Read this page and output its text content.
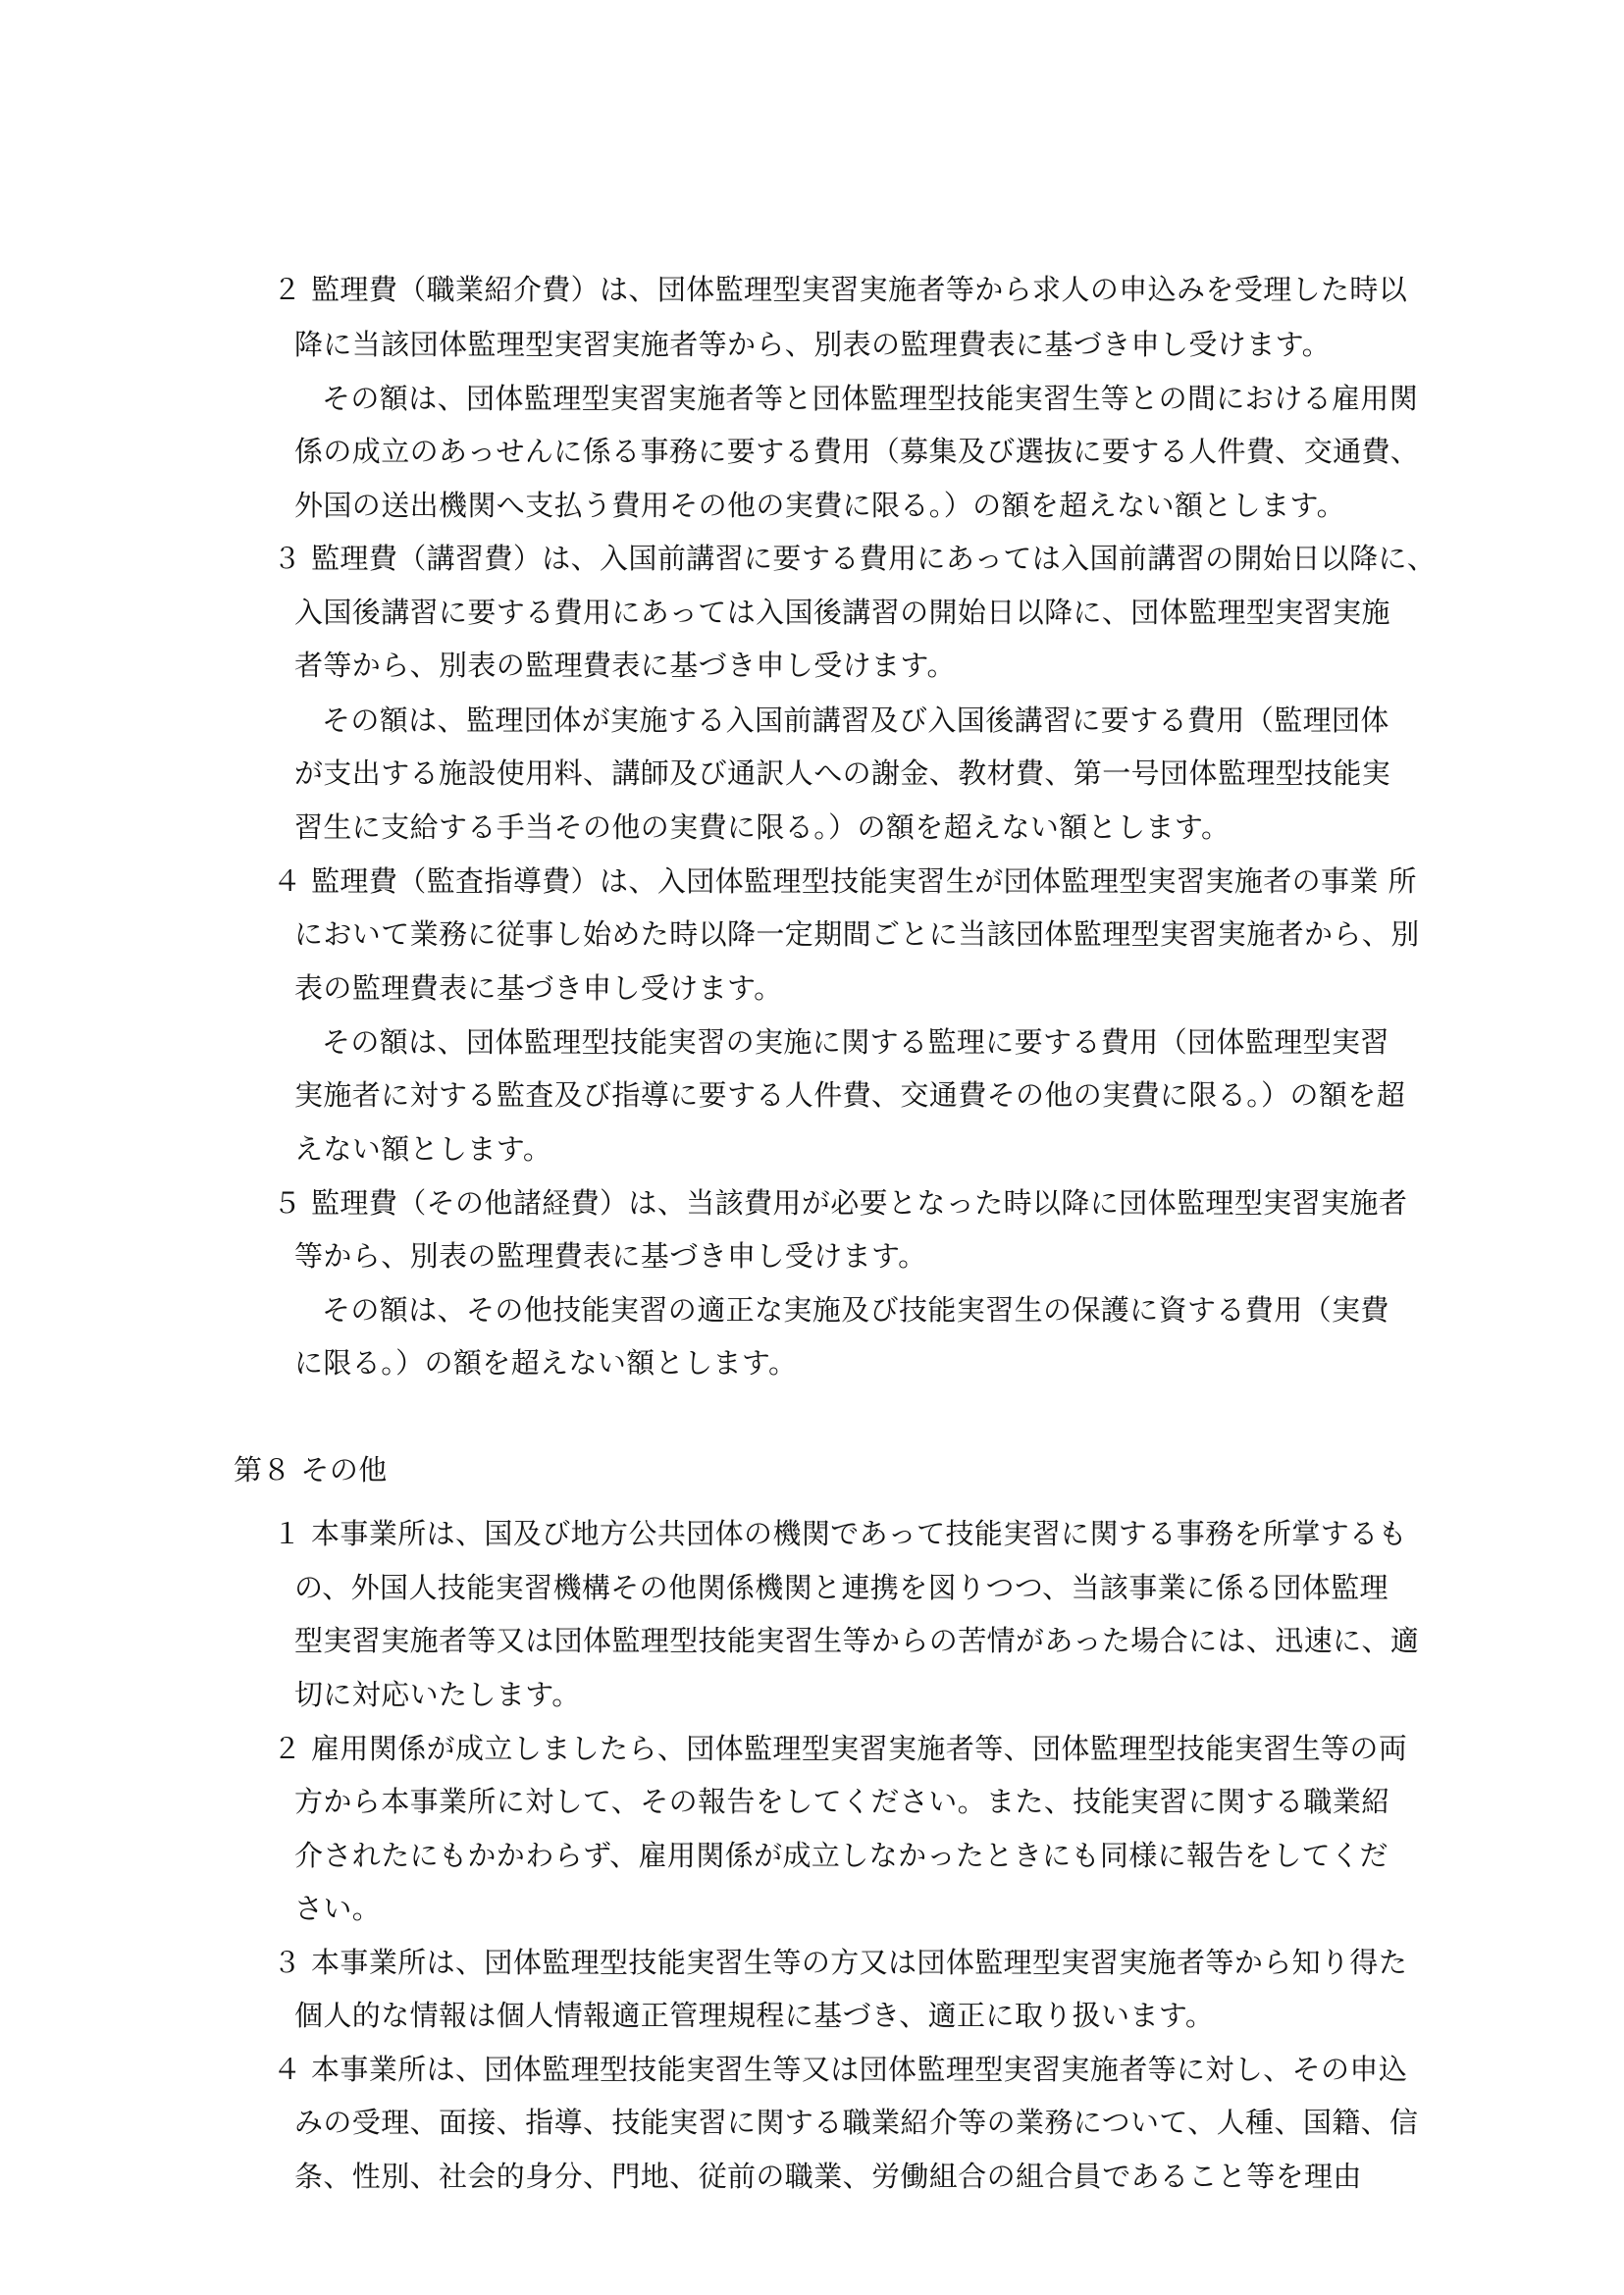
２ 監理費（職業紹介費）は、団体監理型実習実施者等から求人の申込みを受理した時以
降に当該団体監理型実習実施者等から、別表の監理費表に基づき申し受けます。
その額は、団体監理型実習実施者等と団体監理型技能実習生等との間における雇用関
係の成立のあっせんに係る事務に要する費用（募集及び選抜に要する人件費、交通費、
外国の送出機関へ支払う費用その他の実費に限る。）の額を超えない額とします。
３ 監理費（講習費）は、入国前講習に要する費用にあっては入国前講習の開始日以降に、
入国後講習に要する費用にあっては入国後講習の開始日以降に、団体監理型実習実施
者等から、別表の監理費表に基づき申し受けます。
その額は、監理団体が実施する入国前講習及び入国後講習に要する費用（監理団体
が支出する施設使用料、講師及び通訳人への謝金、教材費、第一号団体監理型技能実
習生に支給する手当その他の実費に限る。）の額を超えない額とします。
４ 監理費（監査指導費）は、入団体監理型技能実習生が団体監理型実習実施者の事業 所
において業務に従事し始めた時以降一定期間ごとに当該団体監理型実習実施者から、別
表の監理費表に基づき申し受けます。
その額は、団体監理型技能実習の実施に関する監理に要する費用（団体監理型実習
実施者に対する監査及び指導に要する人件費、交通費その他の実費に限る。）の額を超
えない額とします。
５ 監理費（その他諸経費）は、当該費用が必要となった時以降に団体監理型実習実施者
等から、別表の監理費表に基づき申し受けます。
その額は、その他技能実習の適正な実施及び技能実習生の保護に資する費用（実費
に限る。）の額を超えない額とします。
第８ その他
１ 本事業所は、国及び地方公共団体の機関であって技能実習に関する事務を所掌するも
の、外国人技能実習機構その他関係機関と連携を図りつつ、当該事業に係る団体監理
型実習実施者等又は団体監理型技能実習生等からの苦情があった場合には、迅速に、適
切に対応いたします。
２ 雇用関係が成立しましたら、団体監理型実習実施者等、団体監理型技能実習生等の両
方から本事業所に対して、その報告をしてください。また、技能実習に関する職業紹
介されたにもかかわらず、雇用関係が成立しなかったときにも同様に報告をしてくだ
さい。
３ 本事業所は、団体監理型技能実習生等の方又は団体監理型実習実施者等から知り得た
個人的な情報は個人情報適正管理規程に基づき、適正に取り扱います。
４ 本事業所は、団体監理型技能実習生等又は団体監理型実習実施者等に対し、その申込
みの受理、面接、指導、技能実習に関する職業紹介等の業務について、人種、国籍、信
条、性別、社会的身分、門地、従前の職業、労働組合の組合員であること等を理由
